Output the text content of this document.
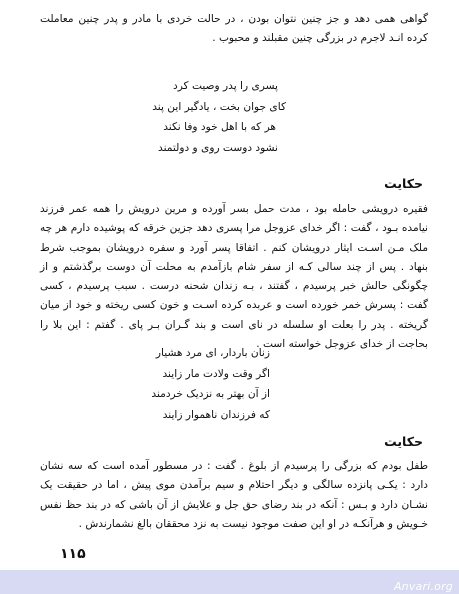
گواهی همی دهد و جز چنین نتوان بودن ، در حالت خردی با مادر و پدر چنین معاملت کرده انـد لاجرم در بزرگی چنین مقبلند و محبوب .

پسری را پدر وصیت کرد
کای جوان بخت ، یادگیر این پند
هر که با اهل خود وفا نکند
نشود دوست روی و دولتمند
حکایت

فقیره درویشی حامله بود ، مدت حمل بسر آورده و مرین درویش را همه عمر فرزند نیامده بـود ، گفت : اگر خدای عزوجل مرا پسری دهد جزین خرقه که پوشیده دارم هر چه ملک مـن اسـت ایثار درویشان کنم . اتفاقا پسر آورد و سفره درویشان بموجب شرط بنهاد . پس از چند سالی کـه از سفر شام بازآمدم به محلت آن دوست برگذشتم و از چگونگی حالش خبر پرسیدم ، گفتند ، بـه زندان شحنه درست . سبب پرسیدم ، کسی گفت : پسرش خمر خورده است و عربده کرده اسـت و خون کسی ریخته و خود از میان گریخته . پدر را بعلت او سلسله در نای است و بند گـران بـر پای . گفتم : این بلا را بحاجت از خدای عزوجل خواسته است .

زنان باردار، ای مرد هشیار
اگر وقت ولادت مار زایند
از آن بهتر به نزدیک خردمند
که فرزندان ناهموار زایند
حکایت

طفل بودم که بزرگی را پرسیدم از بلوغ . گفت : در مسطور آمده است که سه نشان دارد : یکـی پانزده سالگی و دیگر احتلام و سیم برآمدن موی پیش ، اما در حقیقت یک نشـان دارد و بـس : آنکه در بند رضای حق جل و علایش از آن باشی که در بند حظ نفس خـویش و هرآنکـه در او این صفت موجود نیست به نزد محققان بالغ نشمارندش .

۱۱۵
Anvari.org
